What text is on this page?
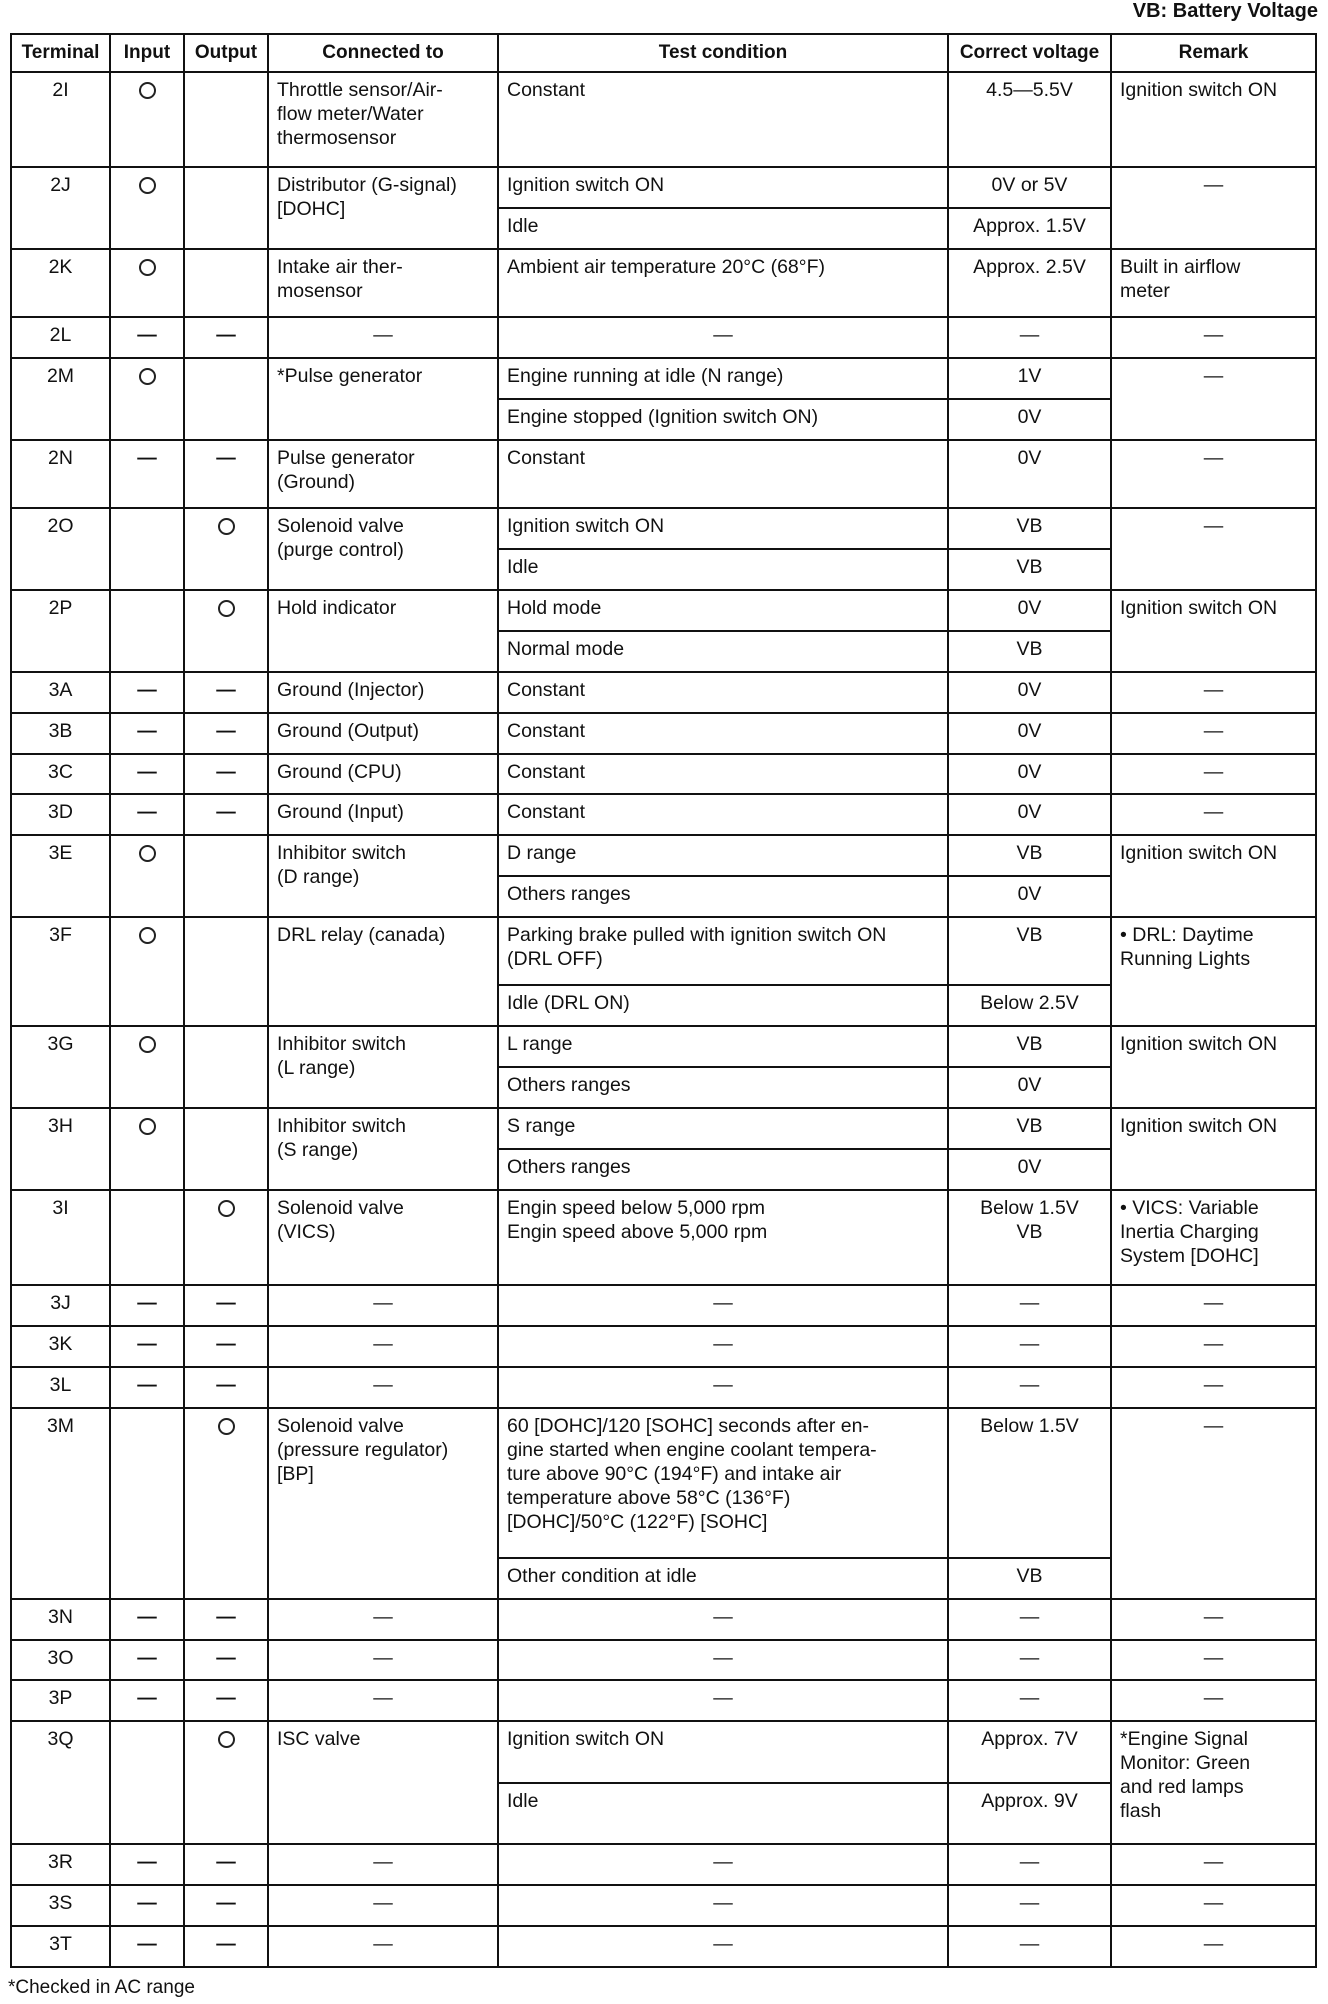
VB: Battery Voltage
Terminal	Input	Output	Connected to	Test condition	Correct voltage	Remark
2I			Throttle sensor/Air-
flow meter/Water
thermosensor	Constant	4.5—5.5V	Ignition switch ON
2J			Distributor (G-signal)
[DOHC]	Ignition switch ON	0V or 5V	—
				Idle	Approx. 1.5V	
2K			Intake air ther-
mosensor	Ambient air temperature 20°C (68°F)	Approx. 2.5V	Built in airflow
meter
2L	—	—	—	—	—	—
2M			*Pulse generator	Engine running at idle (N range)	1V	—
				Engine stopped (Ignition switch ON)	0V	
2N	—	—	Pulse generator
(Ground)	Constant	0V	—
2O			Solenoid valve
(purge control)	Ignition switch ON	VB	—
				Idle	VB	
2P			Hold indicator	Hold mode	0V	Ignition switch ON
				Normal mode	VB	
3A	—	—	Ground (Injector)	Constant	0V	—
3B	—	—	Ground (Output)	Constant	0V	—
3C	—	—	Ground (CPU)	Constant	0V	—
3D	—	—	Ground (Input)	Constant	0V	—
3E			Inhibitor switch
(D range)	D range	VB	Ignition switch ON
				Others ranges	0V	
3F			DRL relay (canada)	Parking brake pulled with ignition switch ON
(DRL OFF)	VB	• DRL: Daytime
Running Lights
				Idle (DRL ON)	Below 2.5V	
3G			Inhibitor switch
(L range)	L range	VB	Ignition switch ON
				Others ranges	0V	
3H			Inhibitor switch
(S range)	S range	VB	Ignition switch ON
				Others ranges	0V	
3I			Solenoid valve
(VICS)	Engin speed below 5,000 rpm
Engin speed above 5,000 rpm	Below 1.5V
VB	• VICS: Variable
Inertia Charging
System [DOHC]
3J	—	—	—	—	—	—
3K	—	—	—	—	—	—
3L	—	—	—	—	—	—
3M			Solenoid valve
(pressure regulator)
[BP]	60 [DOHC]/120 [SOHC] seconds after en-
gine started when engine coolant tempera-
ture above 90°C (194°F) and intake air
temperature above 58°C (136°F)
[DOHC]/50°C (122°F) [SOHC]	Below 1.5V	—
				Other condition at idle	VB	
3N	—	—	—	—	—	—
3O	—	—	—	—	—	—
3P	—	—	—	—	—	—
3Q			ISC valve	Ignition switch ON	Approx. 7V	*Engine Signal
Monitor: Green
and red lamps
flash
				Idle	Approx. 9V	
3R	—	—	—	—	—	—
3S	—	—	—	—	—	—
3T	—	—	—	—	—	—
*Checked in AC range
